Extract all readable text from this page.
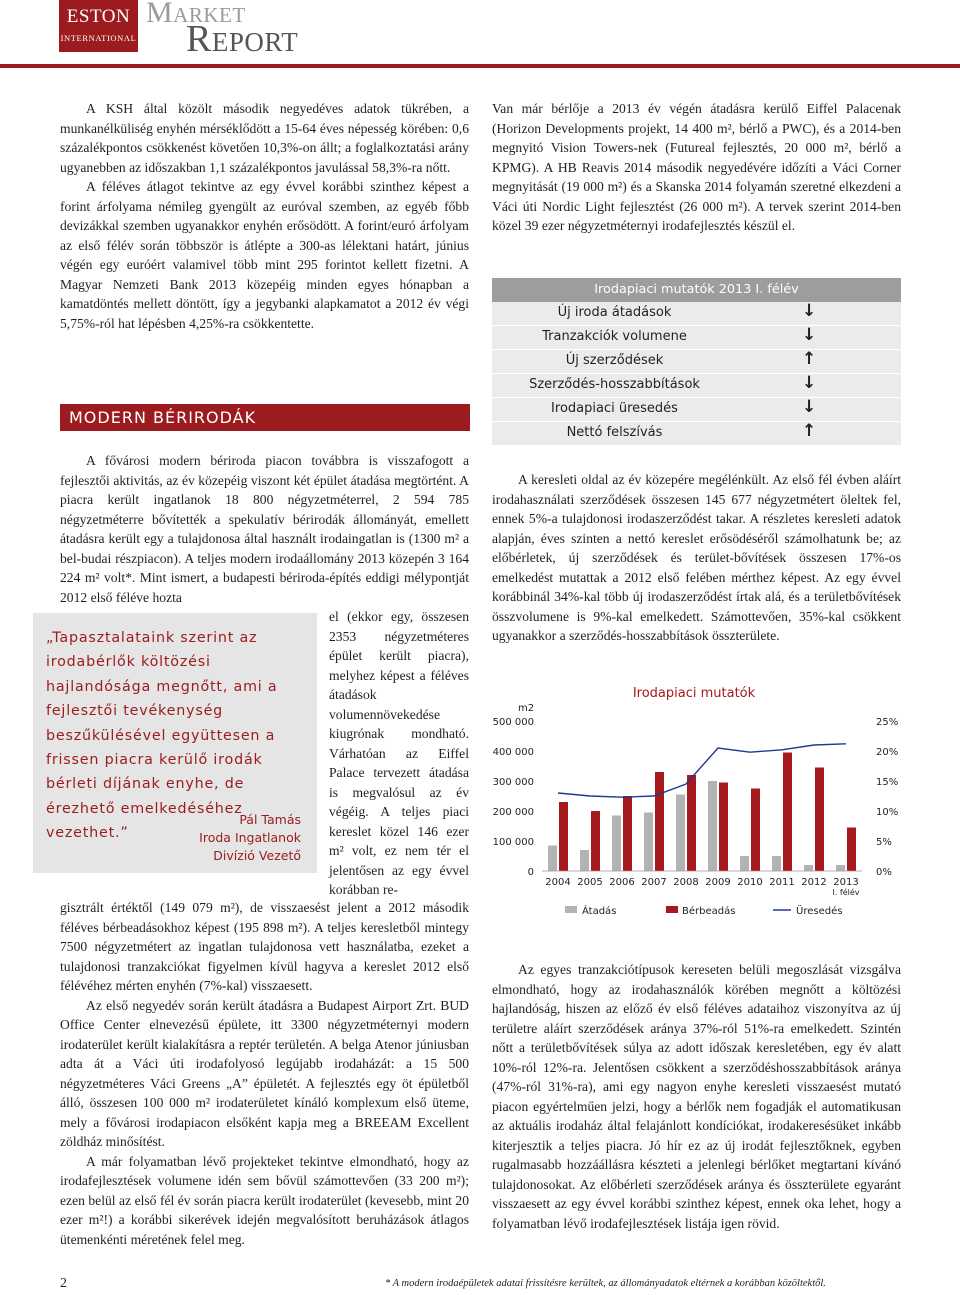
ESTON
INTERNATIONAL
Market
Report

A KSH által közölt második negyedéves adatok tükrében, a munkanélküliség enyhén mérséklődött a 15-64 éves népesség körében: 0,6 százalékpontos csökkenést követően 10,3%-on állt; a foglalkoztatási arány ugyanebben az időszakban 1,1 százalékpontos javulással 58,3%-ra nőtt.

A féléves átlagot tekintve az egy évvel korábbi szinthez képest a forint árfolyama némileg gyengült az euróval szemben, az egyéb főbb devizákkal szemben ugyanakkor enyhén erősödött. A forint/euró árfolyam az első félév során többször is átlépte a 300-as lélektani határt, június végén egy euróért valamivel több mint 295 forintot kellett fizetni. A Magyar Nemzeti Bank 2013 közepéig minden egyes hónapban a kamatdöntés mellett döntött, így a jegybanki alapkamatot a 2012 év végi 5,75%-ról hat lépésben 4,25%-ra csökkentette.

MODERN BÉRIRODÁK

A fővárosi modern bériroda piacon továbbra is visszafogott a fejlesztői aktivitás, az év közepéig viszont két épület átadása megtörtént. A piacra került ingatlanok 18 800 négyzetméterrel, 2 594 785 négyzetméterre bővítették a spekulatív bérirodák állományát, emellett átadásra került egy a tulajdonosa által használt irodaingatlan is (1300 m² a bel-budai részpiacon). A teljes modern irodaállomány 2013 közepén 3 164 224 m² volt*. Mint ismert, a budapesti bériroda-építés eddigi mélypontját 2012 első féléve hozta

el (ekkor egy, összesen 2353 négyzetméteres épület került piacra), melyhez képest a féléves átadások volumennövekedése kiugrónak mondható. Várhatóan az Eiffel Palace tervezett átadása is megvalósul az év végéig. A teljes piaci kereslet közel 146 ezer m² volt, ez nem tér el jelentősen az egy évvel korábban re-

„Tapasztalataink szerint az irodabérlők költözési hajlandósága megnőtt, ami a fejlesztői tevékenység beszűkülésével együttesen a frissen piacra kerülő irodák bérleti díjának enyhe, de érezhető emelkedéséhez vezethet.”
Pál Tamás
Iroda Ingatlanok
Divízió Vezető

gisztrált értéktől (149 079 m²), de visszaesést jelent a 2012 második féléves bérbeadásokhoz képest (195 898 m²). A teljes keresletből mintegy 7500 négyzetmétert az ingatlan tulajdonosa vett használatba, ezeket a tulajdonosi tranzakciókat figyelmen kívül hagyva a kereslet 2012 első félévéhez mérten enyhén (7%-kal) visszaesett.

Az első negyedév során került átadásra a Budapest Airport Zrt. BUD Office Center elnevezésű épülete, itt 3300 négyzetméternyi modern irodaterület került kialakításra a reptér területén. A belga Atenor júniusban adta át a Váci úti irodafolyosó legújabb irodaházát: a 15 500 négyzetméteres Váci Greens „A” épületét. A fejlesztés egy öt épületből álló, összesen 100 000 m² irodaterületet kínáló komplexum első üteme, mely a fővárosi irodapiacon elsőként kapja meg a BREEAM Excellent zöldház minősítést.

A már folyamatban lévő projekteket tekintve elmondható, hogy az irodafejlesztések volumene idén sem bővül számottevően (33 200 m²); ezen belül az első fél év során piacra került irodaterület (kevesebb, mint 20 ezer m²!) a korábbi sikerévek idején megvalósított beruházások átlagos ütemenkénti méretének felel meg.

Van már bérlője a 2013 év végén átadásra kerülő Eiffel Palacenak (Horizon Developments projekt, 14 400 m², bérlő a PWC), és a 2014-ben megnyitó Vision Towers-nek (Futureal fejlesztés, 20 000 m², bérlő a KPMG). A HB Reavis 2014 második negyedévére időzíti a Váci Corner megnyitását (19 000 m²) és a Skanska 2014 folyamán szeretné elkezdeni a Váci úti Nordic Light fejlesztést (26 000 m²). A tervek szerint 2014-ben közel 39 ezer négyzetméternyi irodafejlesztés készül el.

Irodapiaci mutatók 2013 I. félév
Új iroda átadások	↓
Tranzakciók volumene	↓
Új szerződések	↑
Szerződés-hosszabbítások	↓
Irodapiaci üresedés	↓
Nettó felszívás	↑

A keresleti oldal az év közepére megélénkült. Az első fél évben aláírt irodahasználati szerződések összesen 145 677 négyzetmétert öleltek fel, ennek 5%-a tulajdonosi irodaszerződést takar. A részletes keresleti adatok alapján, éves szinten a nettó kereslet erősödéséről számolhatunk be; az előbérletek, új szerződések és terület-bővítések összesen 17%-os emelkedést mutattak a 2012 első felében mérthez képest. Az egy évvel korábbinál 34%-kal több új irodaszerződést írtak alá, és a területbővítések összvolumene is 9%-kal emelkedett. Számottevően, 35%-kal csökkent ugyanakkor a szerződés-hosszabbítások összterülete.

Irodapiaci mutatók
m2
0
100 000
200 000
300 000
400 000
500 000
0%
5%
10%
15%
20%
25%
2004 2005 2006 2007 2008 2009 2010 2011 2012 2013
I. félév
Átadás	Bérbeadás	Üresedés

Az egyes tranzakciótípusok kereseten belüli megoszlását vizsgálva elmondható, hogy az irodahasználók körében megnőtt a költözési hajlandóság, hiszen az előző év első féléves adataihoz viszonyítva az új területre aláírt szerződések aránya 37%-ról 51%-ra emelkedett. Szintén nőtt a területbővítések súlya az adott időszak keresletében, egy év alatt 10%-ról 12%-ra. Jelentősen csökkent a szerződéshosszabbítások aránya (47%-ról 31%-ra), ami egy nagyon enyhe keresleti visszaesést mutató piacon egyértelműen jelzi, hogy a bérlők nem fogadják el automatikusan az aktuális irodaház által felajánlott kondíciókat, irodakeresésüket inkább kiterjesztik a teljes piacra. Jó hír ez az új irodát fejlesztőknek, egyben rugalmasabb hozzáállásra készteti a jelenlegi bérlőket megtartani kívánó tulajdonosokat. Az előbérleti szerződések aránya és összterülete egyaránt visszaesett az egy évvel korábbi szinthez képest, ennek oka lehet, hogy a folyamatban lévő irodafejlesztések listája igen rövid.

2	* A modern irodaépületek adatai frissítésre kerültek, az állományadatok eltérnek a korábban közöltektől.
